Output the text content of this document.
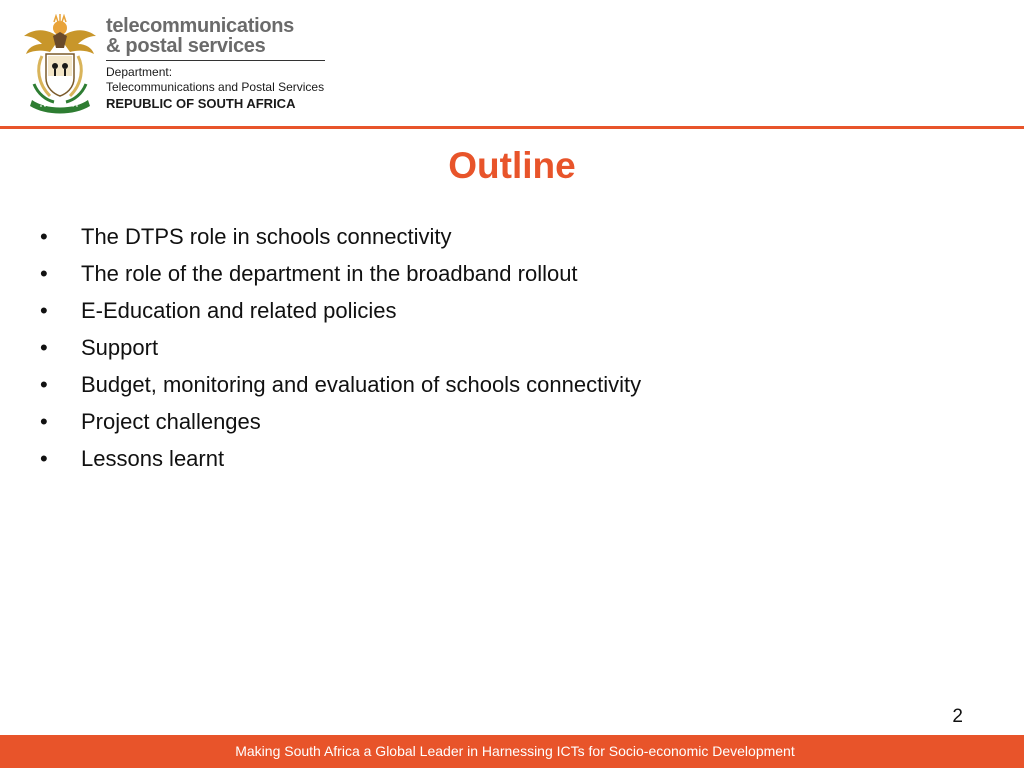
telecommunications
& postal services
Department:
Telecommunications and Postal Services
REPUBLIC OF SOUTH AFRICA
Outline
•	The DTPS role in schools connectivity
•	The role of the department in the broadband rollout
•	E-Education and related policies
•	Support
•	Budget, monitoring and evaluation of schools connectivity
•	Project challenges
•	Lessons learnt
2
Making South Africa a Global Leader in Harnessing ICTs for Socio-economic Development
